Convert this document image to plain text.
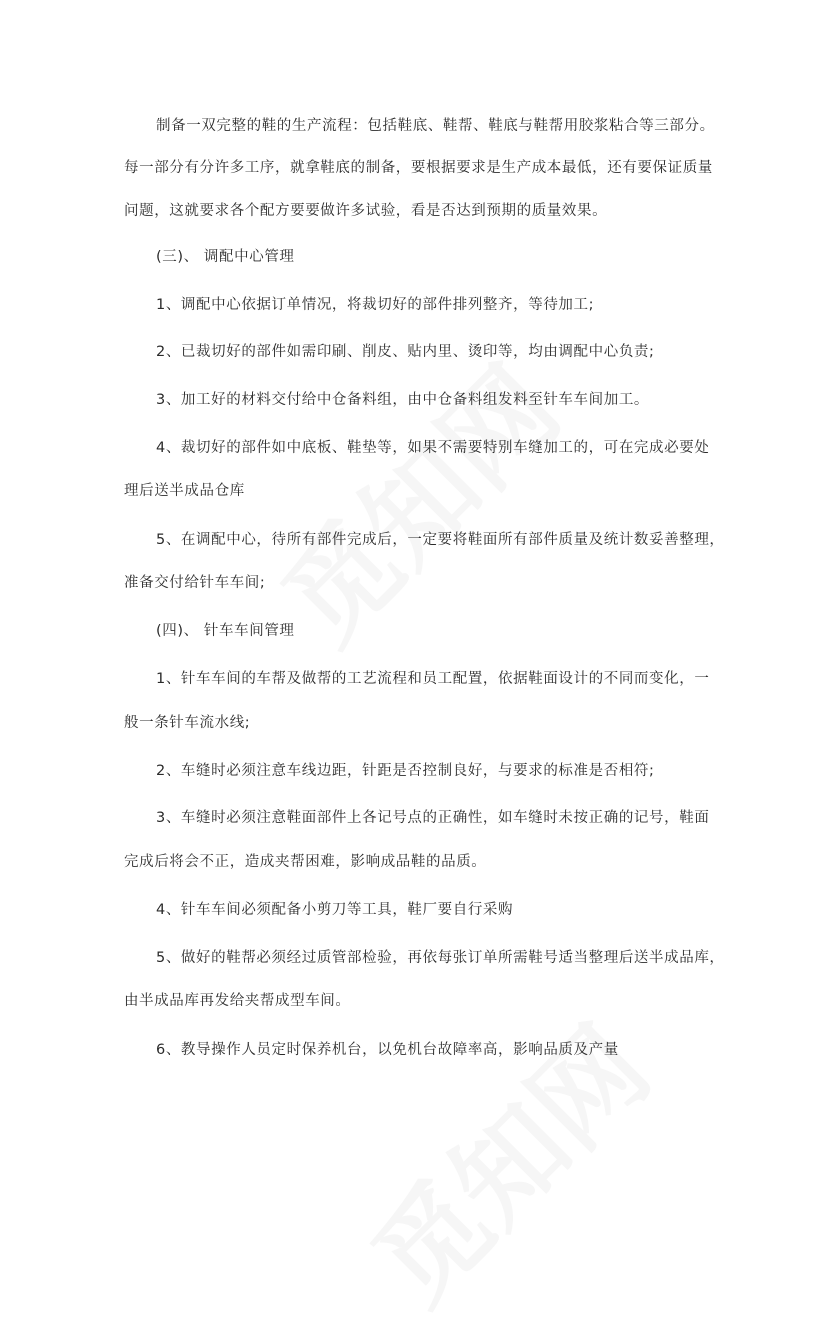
制备一双完整的鞋的生产流程：包括鞋底、鞋帮、鞋底与鞋帮用胶浆粘合等三部分。
每一部分有分许多工序，就拿鞋底的制备，要根据要求是生产成本最低，还有要保证质量
问题，这就要求各个配方要要做许多试验，看是否达到预期的质量效果。
(三)、 调配中心管理
1、调配中心依据订单情况，将裁切好的部件排列整齐，等待加工;
2、已裁切好的部件如需印刷、削皮、贴内里、烫印等，均由调配中心负责;
3、加工好的材料交付给中仓备料组，由中仓备料组发料至针车车间加工。
4、裁切好的部件如中底板、鞋垫等，如果不需要特别车缝加工的，可在完成必要处
理后送半成品仓库
5、在调配中心，待所有部件完成后，一定要将鞋面所有部件质量及统计数妥善整理，
准备交付给针车车间;
(四)、 针车车间管理
1、针车车间的车帮及做帮的工艺流程和员工配置，依据鞋面设计的不同而变化，一
般一条针车流水线;
2、车缝时必须注意车线边距，针距是否控制良好，与要求的标准是否相符;
3、车缝时必须注意鞋面部件上各记号点的正确性，如车缝时未按正确的记号，鞋面
完成后将会不正，造成夹帮困难，影响成品鞋的品质。
4、针车车间必须配备小剪刀等工具，鞋厂要自行采购
5、做好的鞋帮必须经过质管部检验，再依每张订单所需鞋号适当整理后送半成品库，
由半成品库再发给夹帮成型车间。
6、教导操作人员定时保养机台，以免机台故障率高，影响品质及产量
